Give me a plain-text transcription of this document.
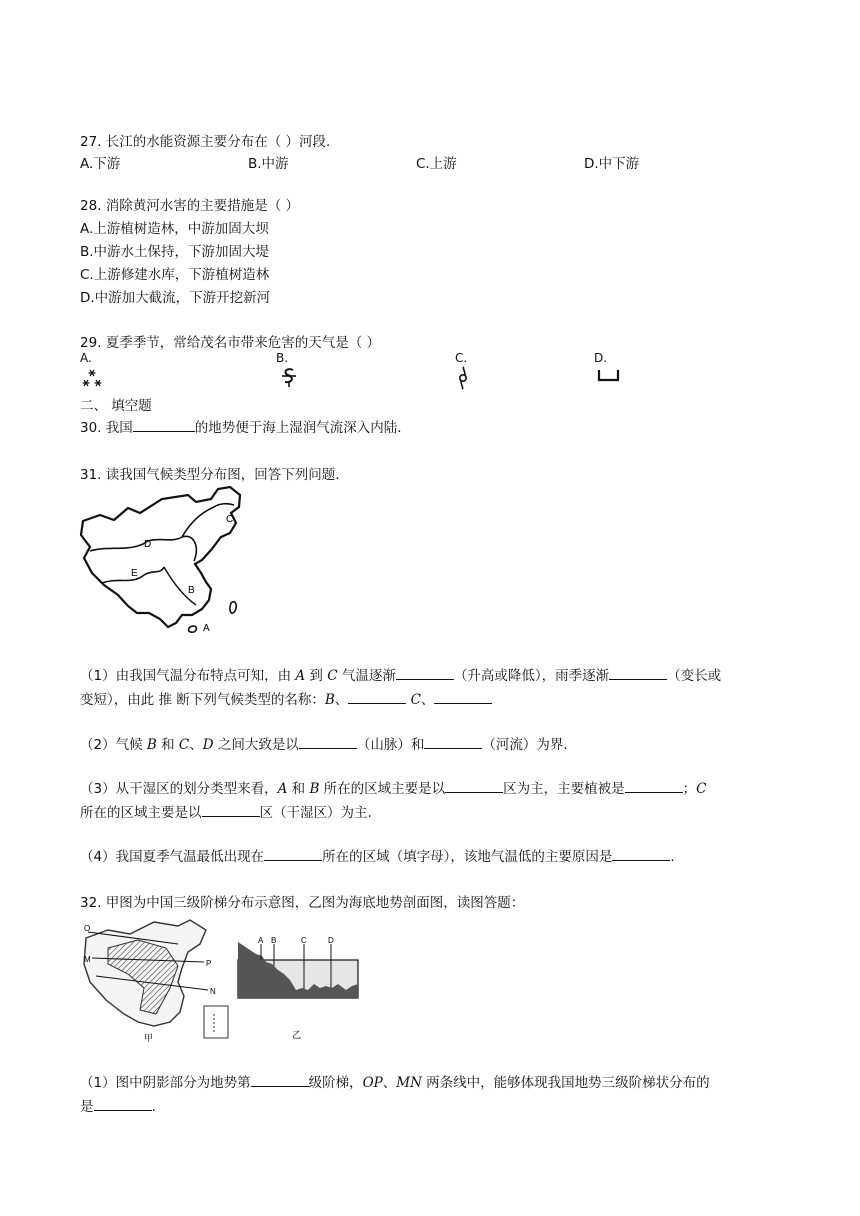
27. 长江的水能资源主要分布在（ ）河段.
A.下游	B.中游	C.上游	D.中下游
28. 消除黄河水害的主要措施是（ ）
A.上游植树造林，中游加固大坝
B.中游水土保持，下游加固大堤
C.上游修建水库，下游植树造林
D.中游加大截流，下游开挖新河
29. 夏季季节，常给茂名市带来危害的天气是（ ）
A.	B.	C.	D.
二、 填空题
30. 我国	的地势便于海上湿润气流深入内陆.
31. 读我国气候类型分布图，回答下列问题.
A
B
C
D
E
（1）由我国气温分布特点可知，由 A 到 C 气温逐渐	（升高或降低），雨季逐渐	（变长或
变短），由此 推 断下列气候类型的名称：B、	C、
（2）气候 B 和 C、D 之间大致是以	（山脉）和	（河流）为界.
（3）从干湿区的划分类型来看，A 和 B 所在的区域主要是以	区为主，主要植被是	；C
所在的区域主要是以	区（干湿区）为主.
（4）我国夏季气温最低出现在	所在的区域（填字母），该地气温低的主要原因是	.
32. 甲图为中国三级阶梯分布示意图，乙图为海底地势剖面图，读图答题：
O
P
M
N
甲
A B	C	D
乙
（1）图中阴影部分为地势第	级阶梯，OP、MN 两条线中，能够体现我国地势三级阶梯状分布的
是	.
